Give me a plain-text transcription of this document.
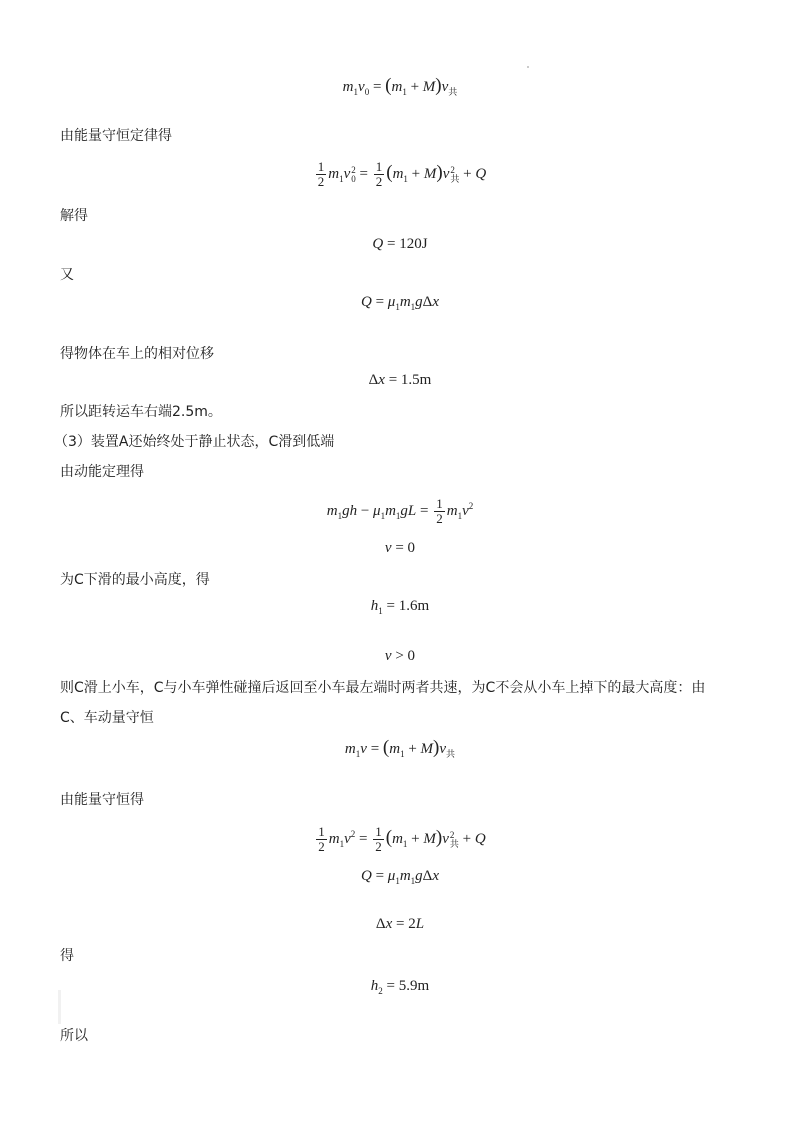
$m_1v_0 = (m_1 + M)v_共$
由能量守恒定律得
$\frac{1}{2} m_1v2$
$0 = \frac{1}{2} (m_1 + M)v2$
共 + Q
解得
Q = 120J
又
$Q = \mu_1m_1g\Delta x$
得物体在车上的相对位移
Δx = 1.5m
所以距转运车右端2.5m。
（3）装置A还始终处于静止状态，C滑到低端
由动能定理得
$m_1gh - \mu_1m_1gL = \frac{1}{2} m_1v^2$
v = 0
为C下滑的最小高度，得
$h_1 = 1.6m$
v > 0
则C滑上小车，C与小车弹性碰撞后返回至小车最左端时两者共速，为C不会从小车上掉下的最大高度：由
C、车动量守恒
$m_1v = (m_1 + M)v_共$
由能量守恒得
$\frac{1}{2} m_1v^2 = \frac{1}{2} (m_1 + M)v2$
共 + Q
$Q = \mu_1m_1g\Delta x$
Δx = 2L
得
$h_2 = 5.9m$
所以
